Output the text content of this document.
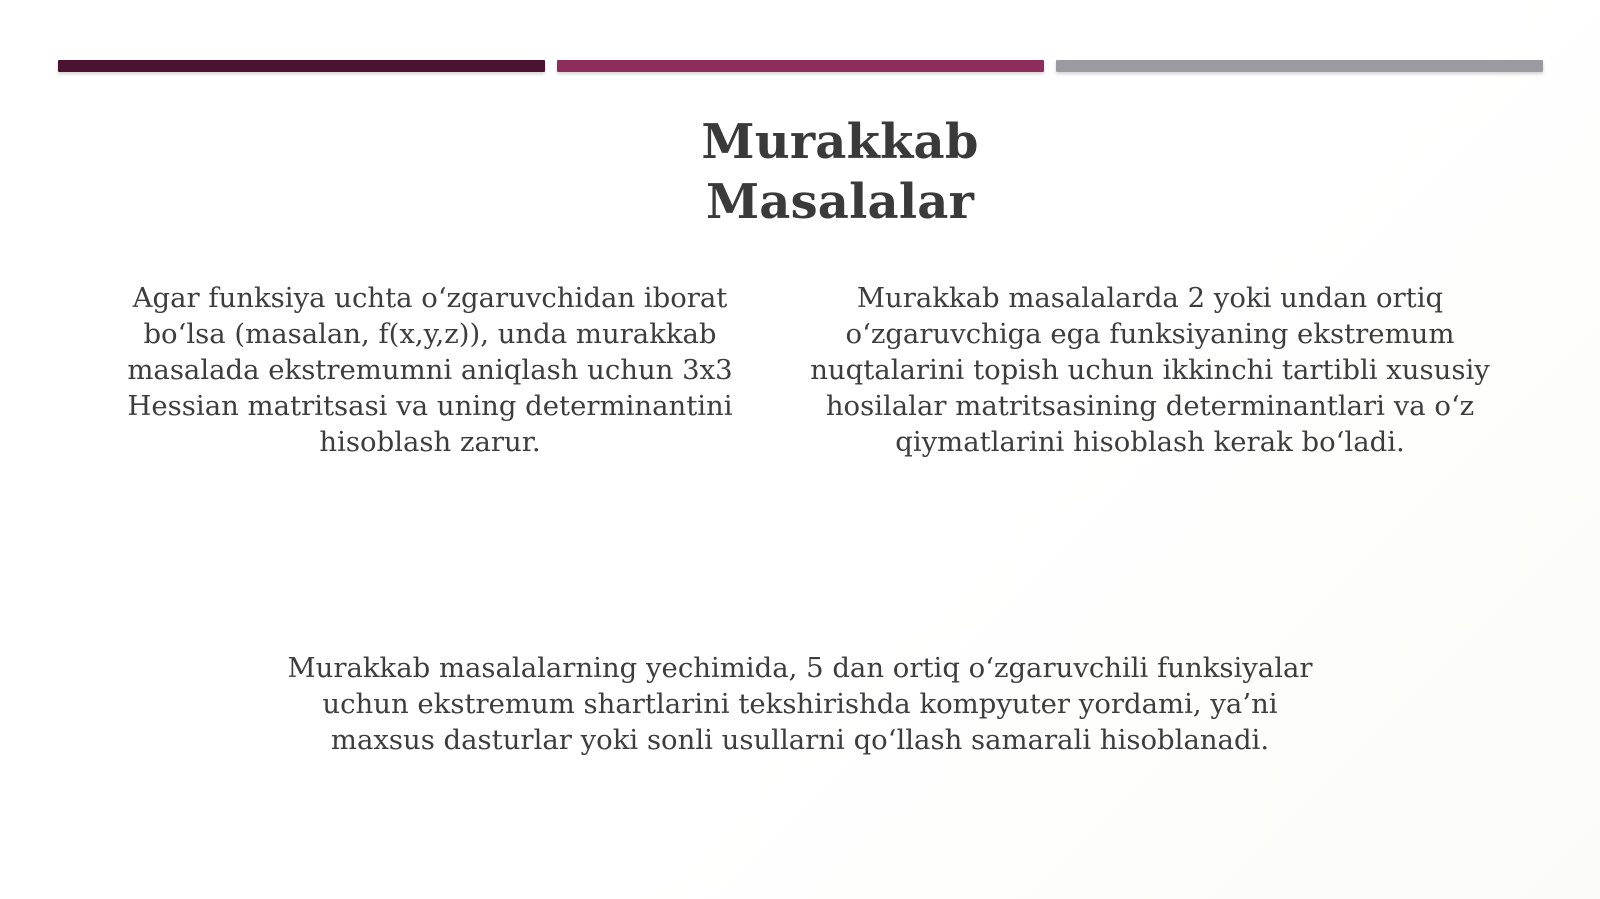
Murakkab Masalalar

Agar funksiya uchta o‘zgaruvchidan iborat bo‘lsa (masalan, f(x,y,z)), unda murakkab masalada ekstremumni aniqlash uchun 3x3 Hessian matritsasi va uning determinantini hisoblash zarur.

Murakkab masalalarda 2 yoki undan ortiq o‘zgaruvchiga ega funksiyaning ekstremum nuqtalarini topish uchun ikkinchi tartibli xususiy hosilalar matritsasining determinantlari va o‘z qiymatlarini hisoblash kerak bo‘ladi.

Murakkab masalalarning yechimida, 5 dan ortiq o‘zgaruvchili funksiyalar uchun ekstremum shartlarini tekshirishda kompyuter yordami, ya’ni maxsus dasturlar yoki sonli usullarni qo‘llash samarali hisoblanadi.
